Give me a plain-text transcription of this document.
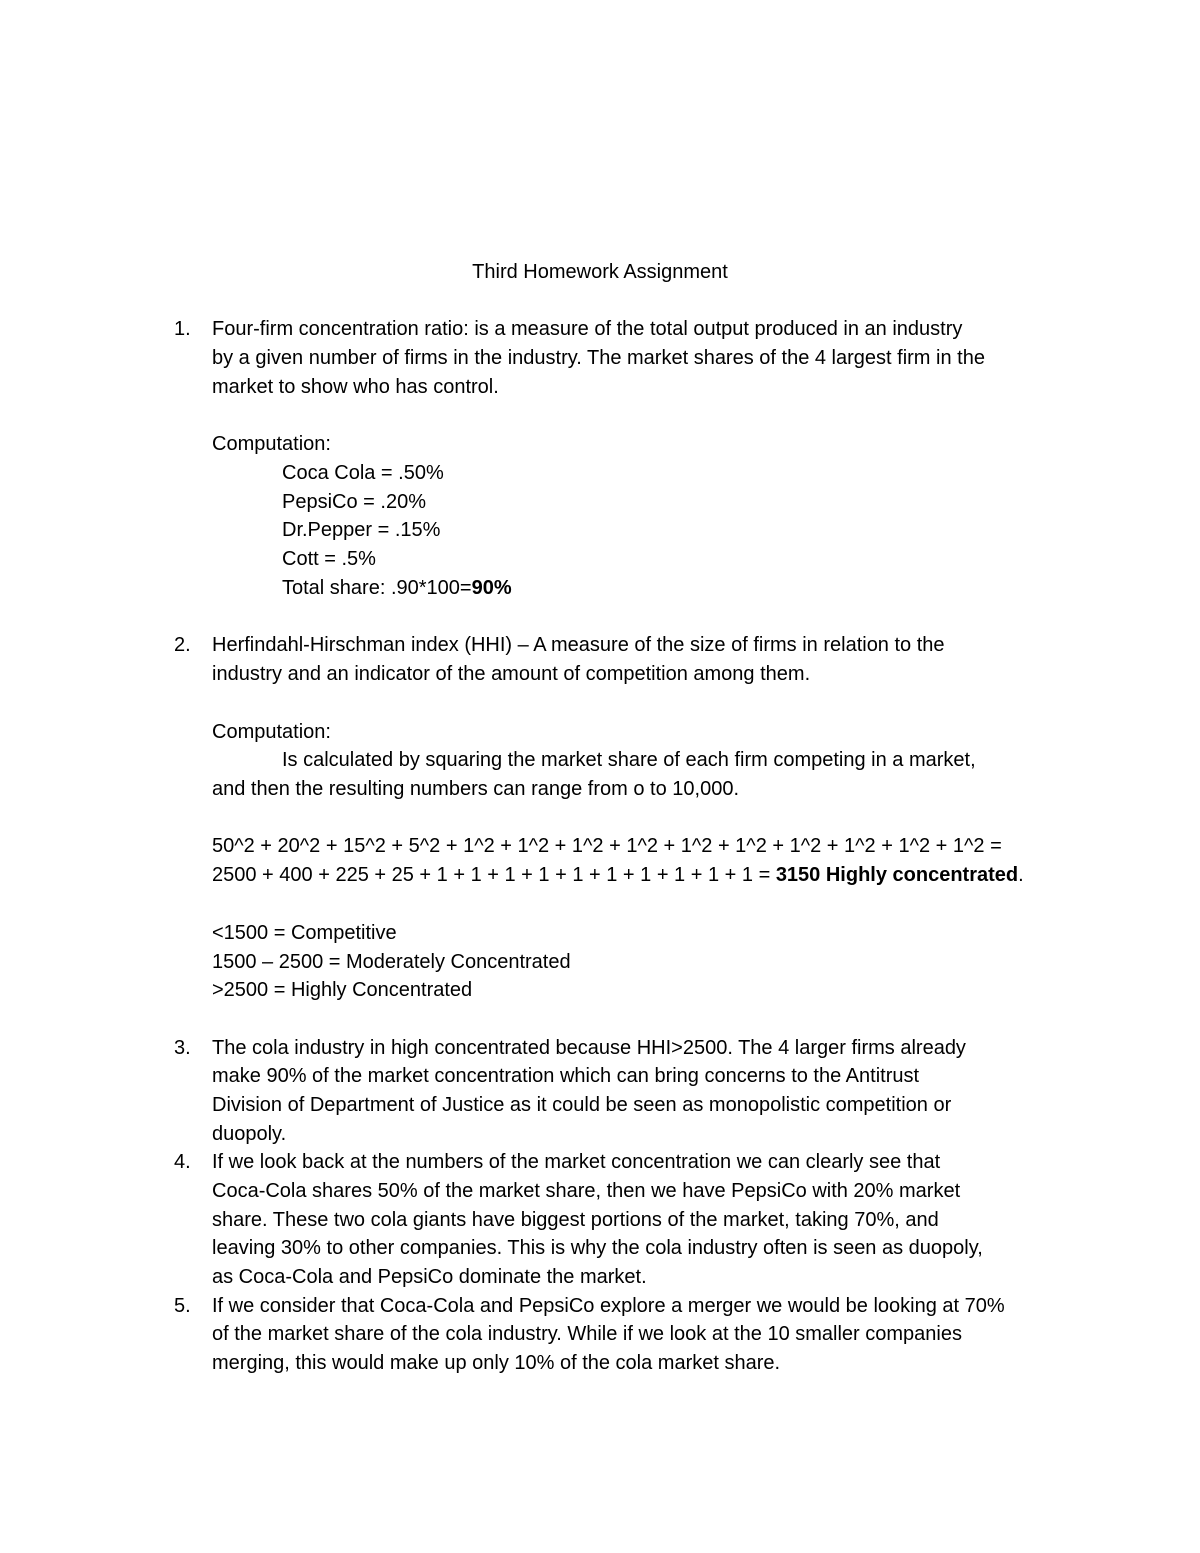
Third Homework Assignment
1. Four-firm concentration ratio: is a measure of the total output produced in an industry
by a given number of firms in the industry. The market shares of the 4 largest firm in the
market to show who has control.
Computation:
Coca Cola = .50%
PepsiCo = .20%
Dr.Pepper = .15%
Cott = .5%
Total share: .90*100=90%
2. Herfindahl-Hirschman index (HHI) – A measure of the size of firms in relation to the
industry and an indicator of the amount of competition among them.
Computation:
Is calculated by squaring the market share of each firm competing in a market,
and then the resulting numbers can range from o to 10,000.
50^2 + 20^2 + 15^2 + 5^2 + 1^2 + 1^2 + 1^2 + 1^2 + 1^2 + 1^2 + 1^2 + 1^2 + 1^2 + 1^2 =
2500 + 400 + 225 + 25 + 1 + 1 + 1 + 1 + 1 + 1 + 1 + 1 + 1 + 1 = 3150 Highly concentrated.
<1500 = Competitive
1500 – 2500 = Moderately Concentrated
>2500 = Highly Concentrated
3. The cola industry in high concentrated because HHI>2500. The 4 larger firms already
make 90% of the market concentration which can bring concerns to the Antitrust
Division of Department of Justice as it could be seen as monopolistic competition or
duopoly.
4. If we look back at the numbers of the market concentration we can clearly see that
Coca-Cola shares 50% of the market share, then we have PepsiCo with 20% market
share. These two cola giants have biggest portions of the market, taking 70%, and
leaving 30% to other companies. This is why the cola industry often is seen as duopoly,
as Coca-Cola and PepsiCo dominate the market.
5. If we consider that Coca-Cola and PepsiCo explore a merger we would be looking at 70%
of the market share of the cola industry. While if we look at the 10 smaller companies
merging, this would make up only 10% of the cola market share.
